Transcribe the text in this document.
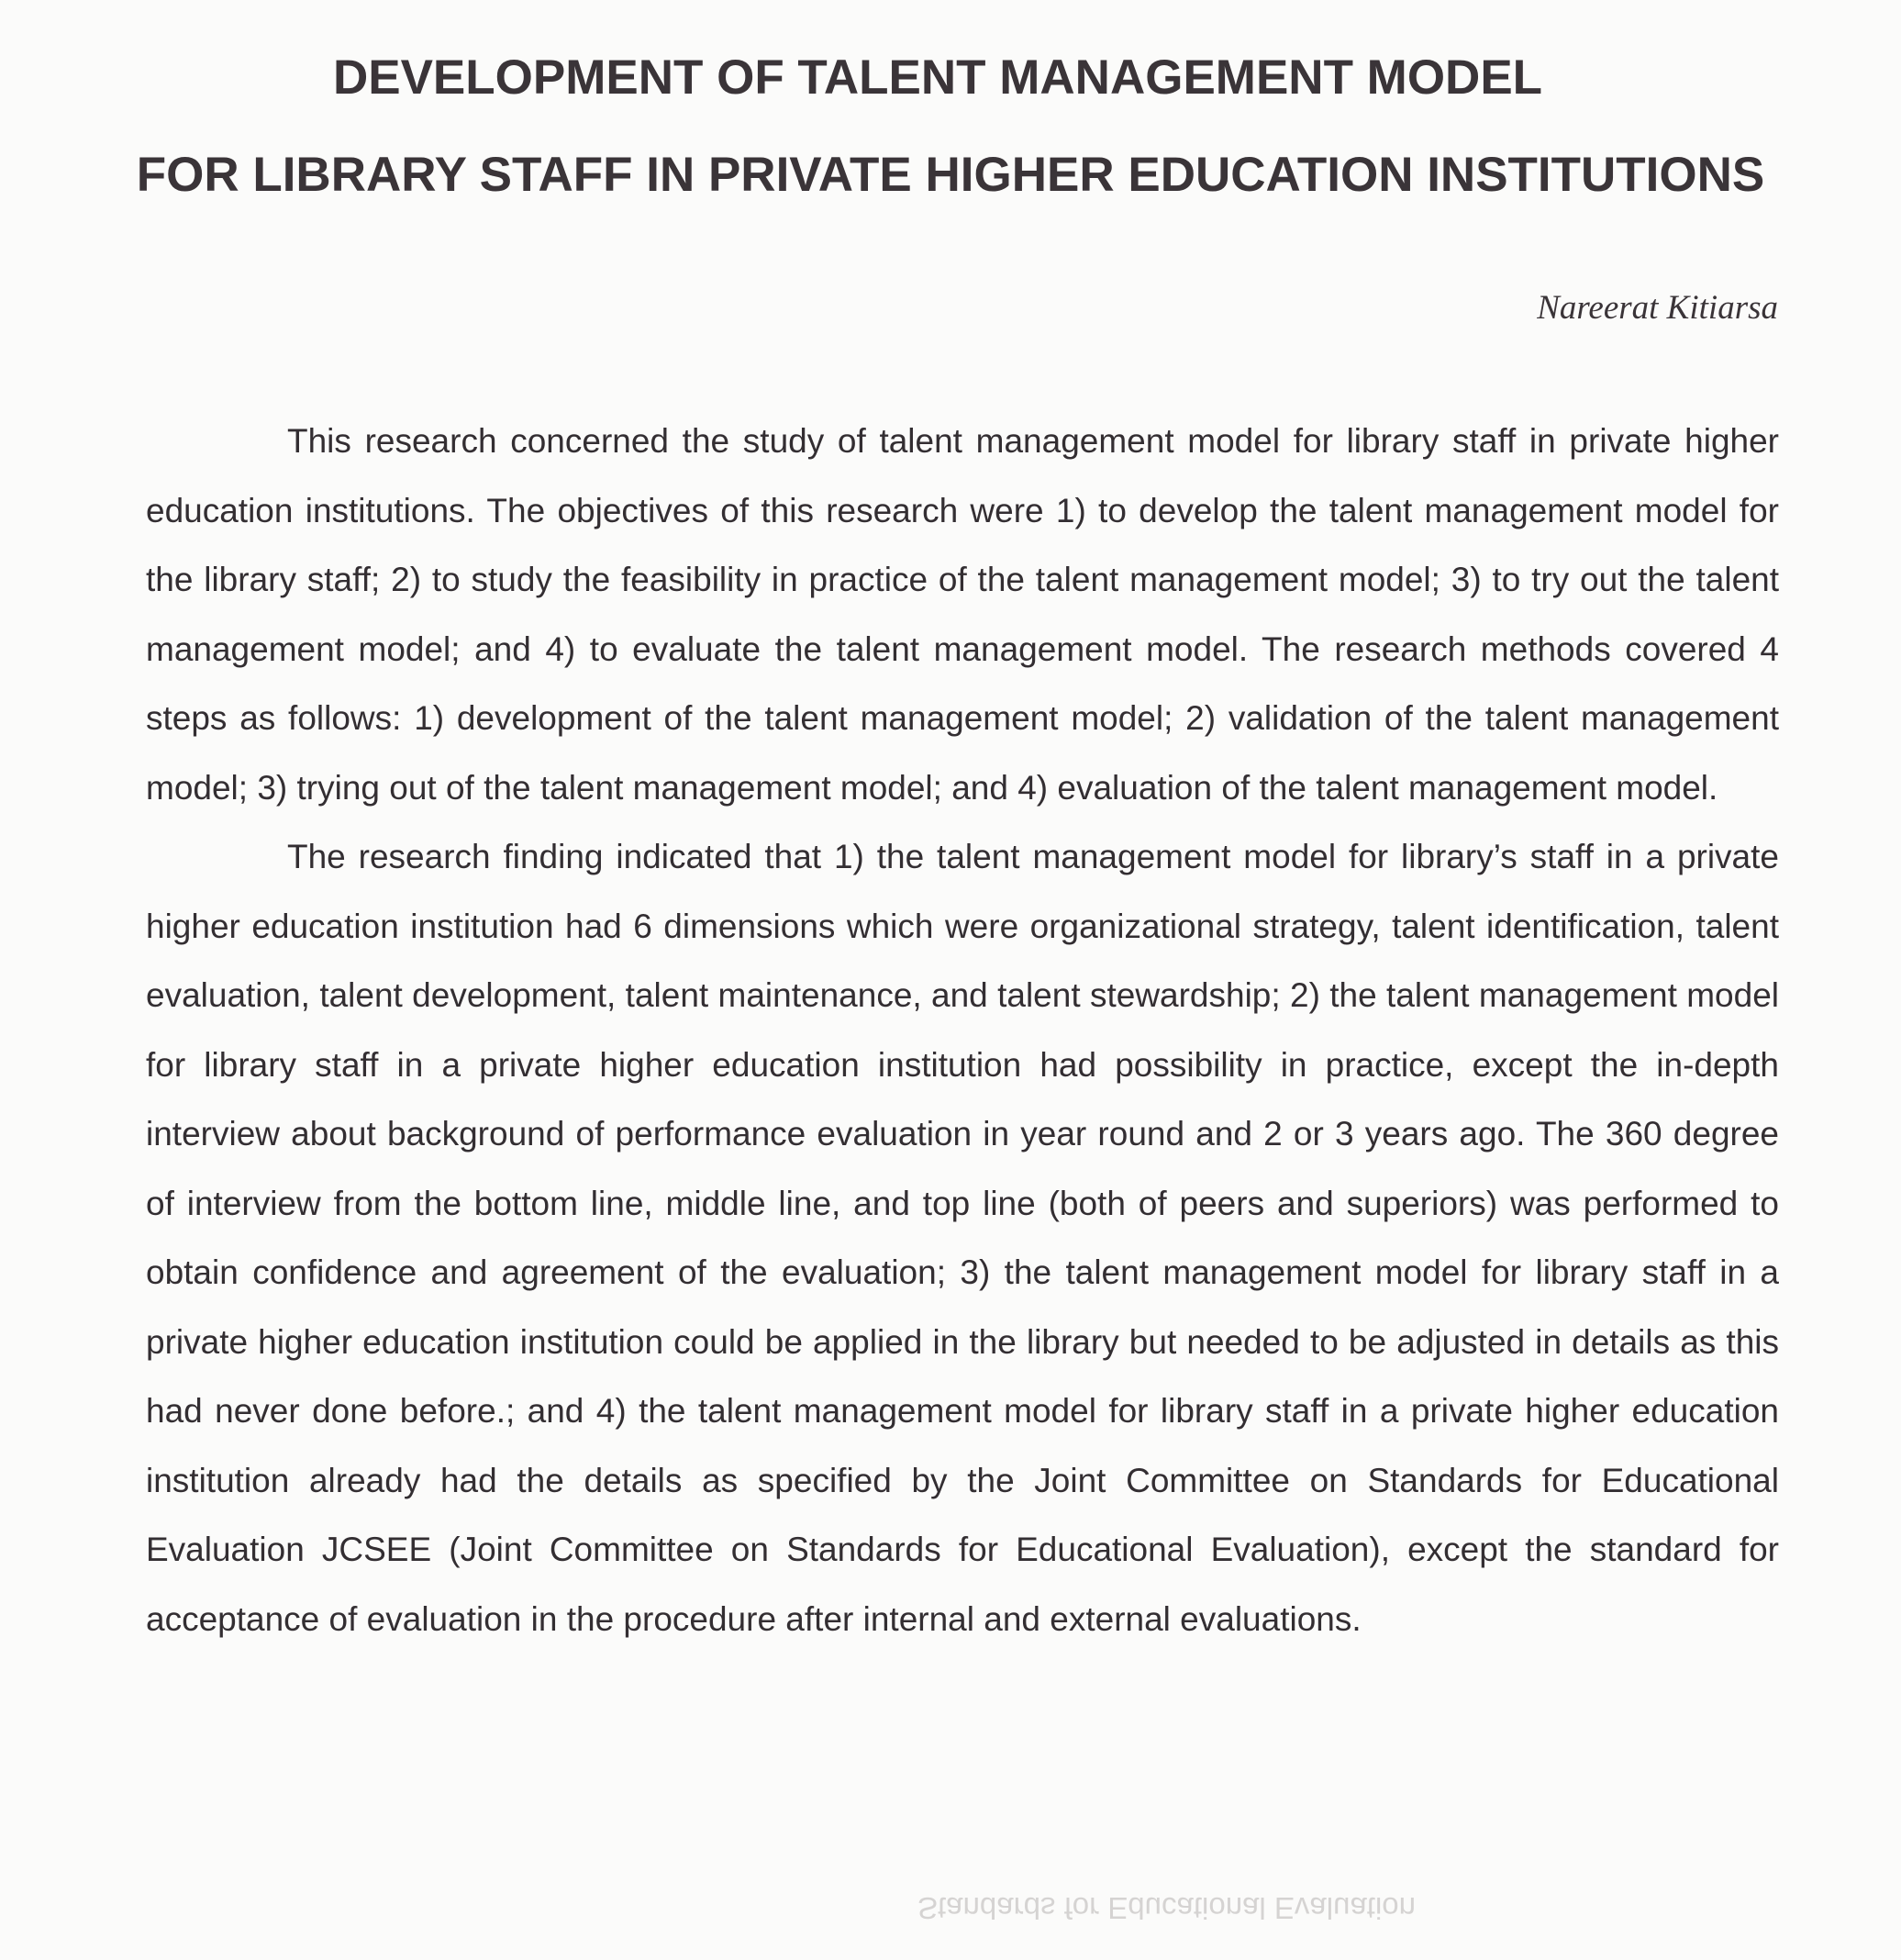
DEVELOPMENT OF TALENT MANAGEMENT MODEL
FOR LIBRARY STAFF IN PRIVATE HIGHER EDUCATION INSTITUTIONS
Nareerat Kitiarsa

This research concerned the study of talent management model for library staff in private higher education institutions. The objectives of this research were 1) to develop the talent management model for the library staff; 2) to study the feasibility in practice of the talent management model; 3) to try out the talent management model; and 4) to evaluate the talent management model. The research methods covered 4 steps as follows: 1) development of the talent management model; 2) validation of the talent management model; 3) trying out of the talent management model; and 4) evaluation of the talent management model.

The research finding indicated that 1) the talent management model for library’s staff in a private higher education institution had 6 dimensions which were organizational strategy, talent identification, talent evaluation, talent development, talent maintenance, and talent stewardship; 2) the talent management model for library staff in a private higher education institution had possibility in practice, except the in-depth interview about background of performance evaluation in year round and 2 or 3 years ago. The 360 degree of interview from the bottom line, middle line, and top line (both of peers and superiors) was performed to obtain confidence and agreement of the evaluation; 3) the talent management model for library staff in a private higher education institution could be applied in the library but needed to be adjusted in details as this had never done before.; and 4) the talent management model for library staff in a private higher education institution already had the details as specified by the Joint Committee on Standards for Educational Evaluation JCSEE (Joint Committee on Standards for Educational Evaluation), except the standard for acceptance of evaluation in the procedure after internal and external evaluations.

Standards for Educational Evaluation
